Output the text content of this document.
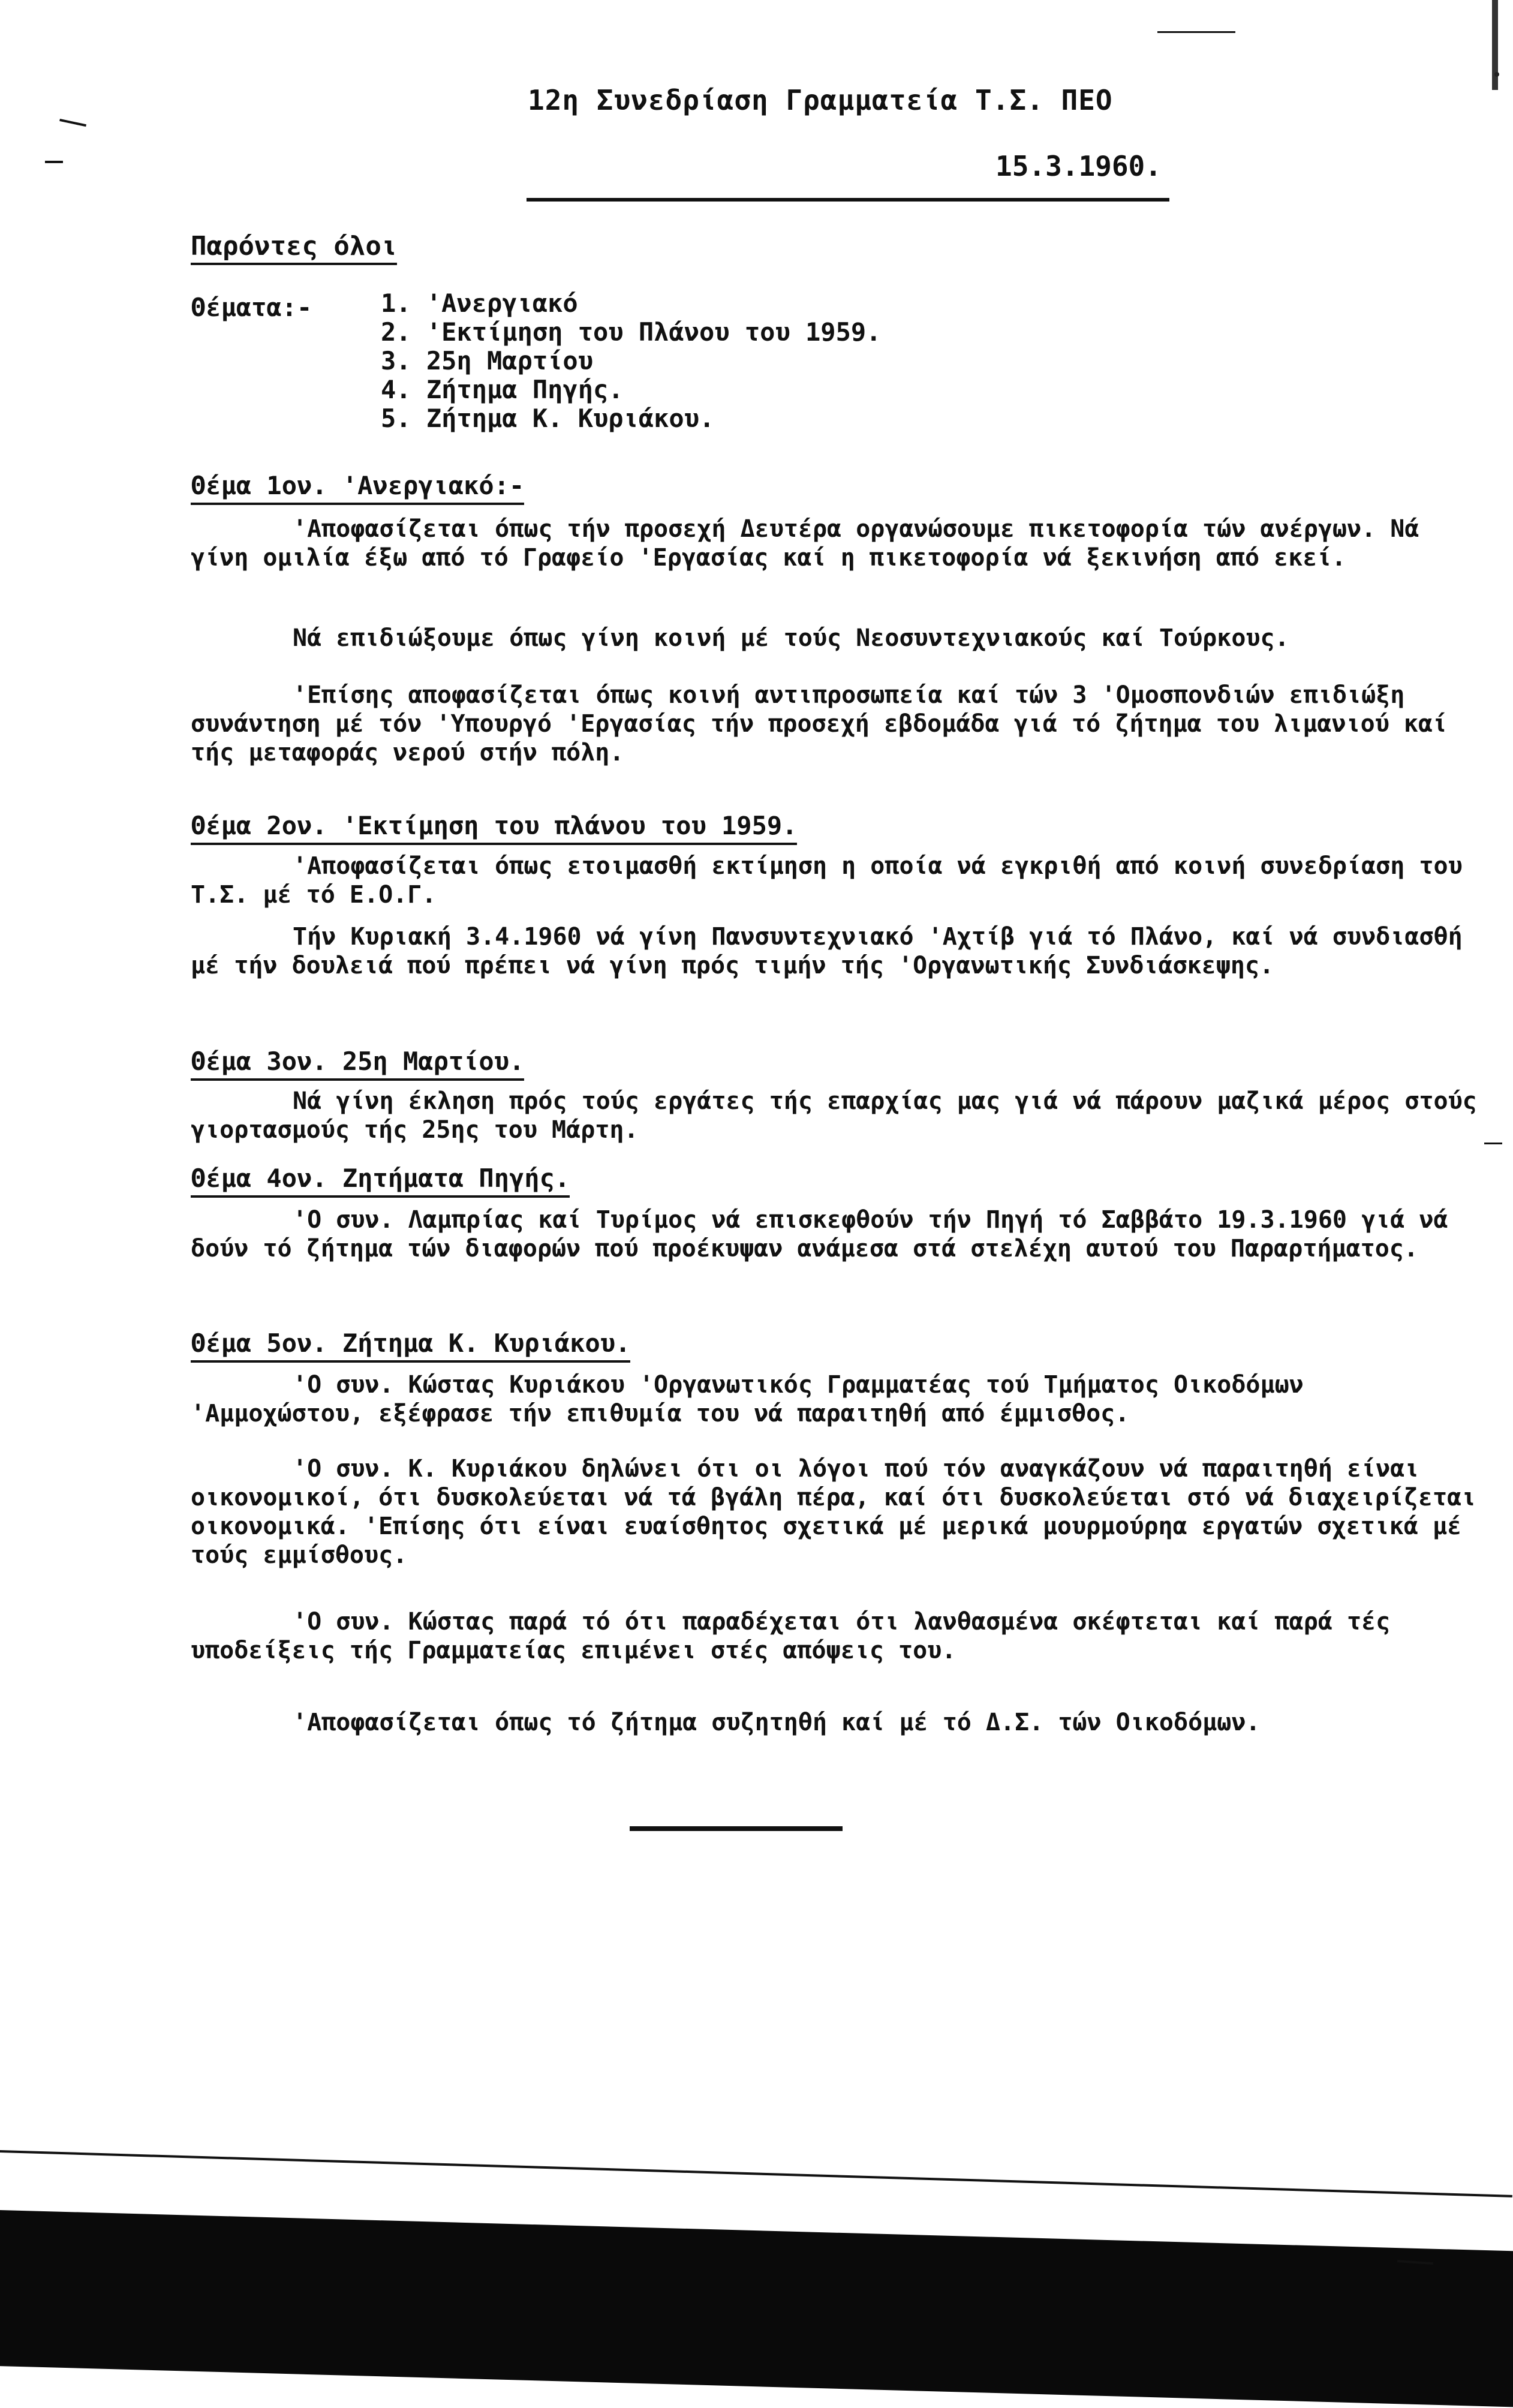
12η Συνεδρίαση Γραμματεία Τ.Σ. ΠΕΟ
15.3.1960.
Παρόντες όλοι
Θέματα:-	1. 'Ανεργιακό
2. 'Εκτίμηση του Πλάνου του 1959.
3. 25η Μαρτίου
4. Ζήτημα Πηγής.
5. Ζήτημα Κ. Κυριάκου.
Θέμα 1ον. 'Ανεργιακό:-

'Αποφασίζεται όπως τήν προσεχή Δευτέρα οργανώσουμε πικετοφορία τών ανέργων. Νά γίνη ομιλία έξω από τό Γραφείο 'Εργασίας καί η πικετοφορία νά ξεκινήση από εκεί.

Νά επιδιώξουμε όπως γίνη κοινή μέ τούς Νεοσυντεχνιακούς καί Τούρκους.

'Επίσης αποφασίζεται όπως κοινή αντιπροσωπεία καί τών 3 'Ομοσπονδιών επιδιώξη συνάντηση μέ τόν 'Υπουργό 'Εργασίας τήν προσεχή εβδομάδα γιά τό ζήτημα του λιμανιού καί τής μεταφοράς νερού στήν πόλη.

Θέμα 2ον. 'Εκτίμηση του πλάνου του 1959.

'Αποφασίζεται όπως ετοιμασθή εκτίμηση η οποία νά εγκριθή από κοινή συνεδρίαση του Τ.Σ. μέ τό Ε.Ο.Γ.

Τήν Κυριακή 3.4.1960 νά γίνη Πανσυντεχνιακό 'Αχτίβ γιά τό Πλάνο, καί νά συνδιασθή μέ τήν δουλειά πού πρέπει νά γίνη πρός τιμήν τής 'Οργανωτικής Συνδιάσκεψης.

Θέμα 3ον. 25η Μαρτίου.

Νά γίνη έκληση πρός τούς εργάτες τής επαρχίας μας γιά νά πάρουν μαζικά μέρος στούς γιορτασμούς τής 25ης του Μάρτη.

Θέμα 4ον. Ζητήματα Πηγής.

'Ο συν. Λαμπρίας καί Τυρίμος νά επισκεφθούν τήν Πηγή τό Σαββάτο 19.3.1960 γιά νά δούν τό ζήτημα τών διαφορών πού προέκυψαν ανάμεσα στά στελέχη αυτού του Παραρτήματος.

Θέμα 5ον. Ζήτημα Κ. Κυριάκου.

'Ο συν. Κώστας Κυριάκου 'Οργανωτικός Γραμματέας τού Τμήματος Οικοδόμων 'Αμμοχώστου, εξέφρασε τήν επιθυμία του νά παραιτηθή από έμμισθος.

'Ο συν. Κ. Κυριάκου δηλώνει ότι οι λόγοι πού τόν αναγκάζουν νά παραιτηθή είναι οικονομικοί, ότι δυσκολεύεται νά τά βγάλη πέρα, καί ότι δυσκολεύεται στό νά διαχειρίζεται οικονομικά. 'Επίσης ότι είναι ευαίσθητος σχετικά μέ μερικά μουρμούρηα εργατών σχετικά μέ τούς εμμίσθους.

'Ο συν. Κώστας παρά τό ότι παραδέχεται ότι λανθασμένα σκέφτεται καί παρά τές υποδείξεις τής Γραμματείας επιμένει στές απόψεις του.

'Αποφασίζεται όπως τό ζήτημα συζητηθή καί μέ τό Δ.Σ. τών Οικοδόμων.
